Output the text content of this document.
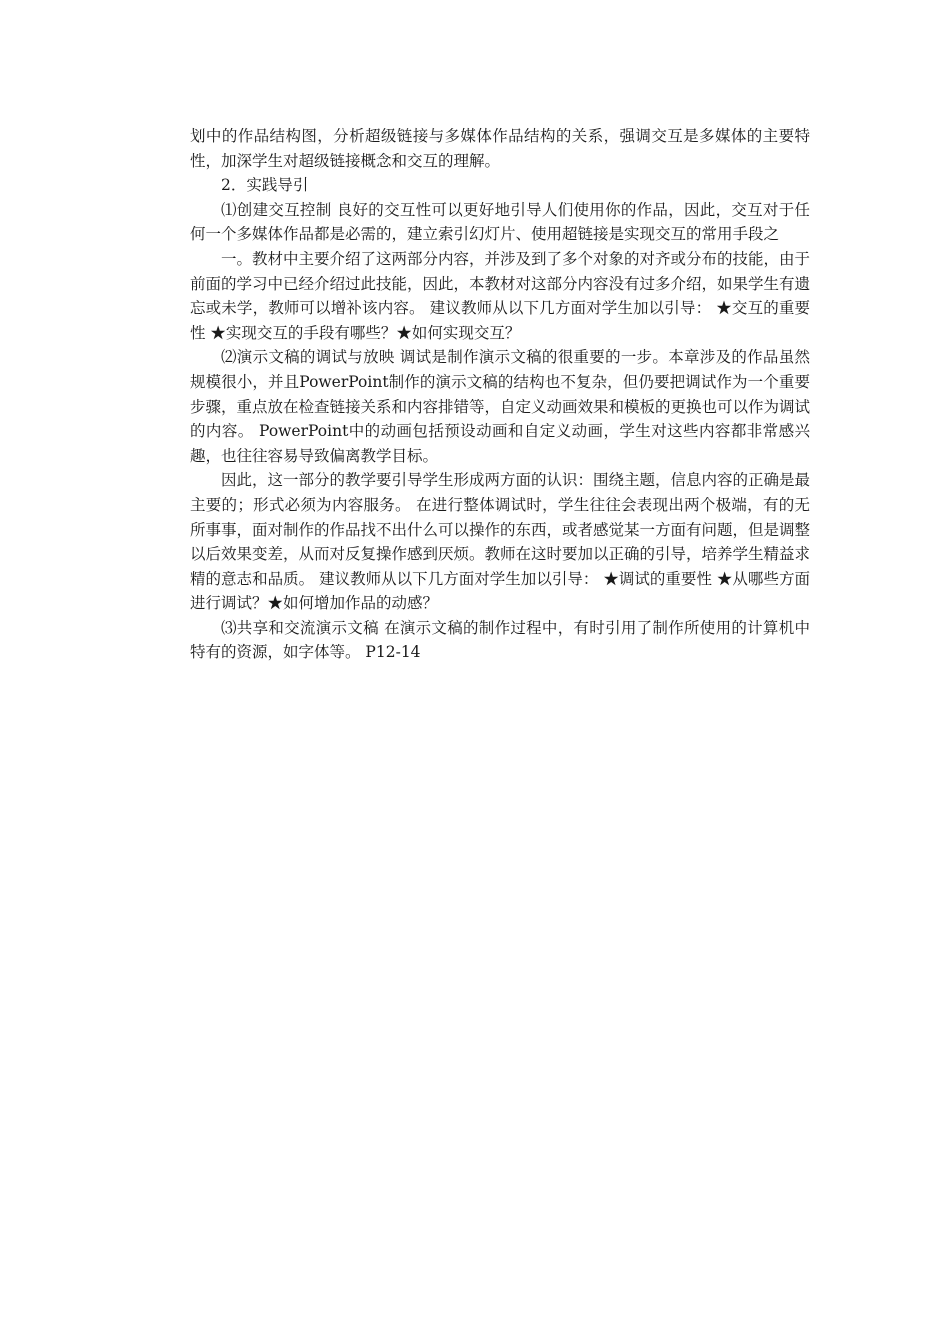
划中的作品结构图，分析超级链接与多媒体作品结构的关系，强调交互是多媒体的主要特性，加深学生对超级链接概念和交互的理解。

2．实践导引

⑴创建交互控制 良好的交互性可以更好地引导人们使用你的作品，因此，交互对于任何一个多媒体作品都是必需的，建立索引幻灯片、使用超链接是实现交互的常用手段之

一。教材中主要介绍了这两部分内容，并涉及到了多个对象的对齐或分布的技能，由于前面的学习中已经介绍过此技能，因此，本教材对这部分内容没有过多介绍，如果学生有遗忘或未学，教师可以增补该内容。 建议教师从以下几方面对学生加以引导： ★交互的重要性 ★实现交互的手段有哪些？★如何实现交互？

⑵演示文稿的调试与放映 调试是制作演示文稿的很重要的一步。本章涉及的作品虽然规模很小，并且PowerPoint制作的演示文稿的结构也不复杂，但仍要把调试作为一个重要步骤，重点放在检查链接关系和内容排错等，自定义动画效果和模板的更换也可以作为调试的内容。 PowerPoint中的动画包括预设动画和自定义动画，学生对这些内容都非常感兴趣，也往往容易导致偏离教学目标。

因此，这一部分的教学要引导学生形成两方面的认识：围绕主题，信息内容的正确是最主要的；形式必须为内容服务。 在进行整体调试时，学生往往会表现出两个极端，有的无所事事，面对制作的作品找不出什么可以操作的东西，或者感觉某一方面有问题，但是调整以后效果变差，从而对反复操作感到厌烦。教师在这时要加以正确的引导，培养学生精益求精的意志和品质。 建议教师从以下几方面对学生加以引导： ★调试的重要性 ★从哪些方面进行调试？★如何增加作品的动感？

⑶共享和交流演示文稿 在演示文稿的制作过程中，有时引用了制作所使用的计算机中特有的资源，如字体等。 P12-14
